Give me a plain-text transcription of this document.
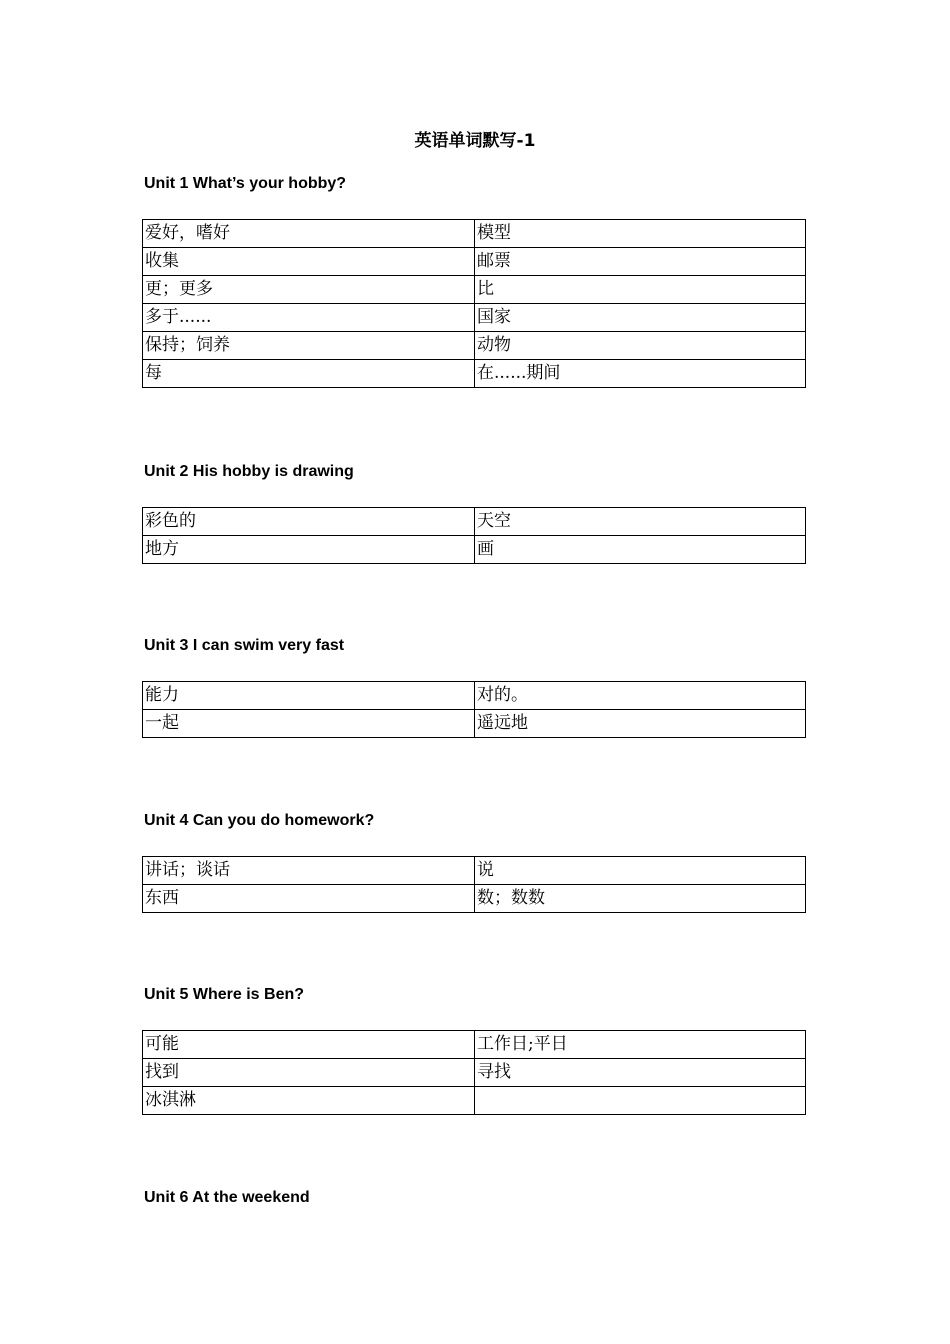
英语单词默写-1
Unit 1 What’s your hobby?
爱好，嗜好	模型
收集	邮票
更；更多	比
多于......	国家
保持；饲养	动物
每	在......期间
Unit 2 His hobby is drawing
彩色的	天空
地方	画
Unit 3 I can swim very fast
能力	对的。
一起	遥远地
Unit 4 Can you do homework?
讲话；谈话	说
东西	数；数数
Unit 5 Where is Ben?
可能	工作日;平日
找到	寻找
冰淇淋	
Unit 6 At the weekend
